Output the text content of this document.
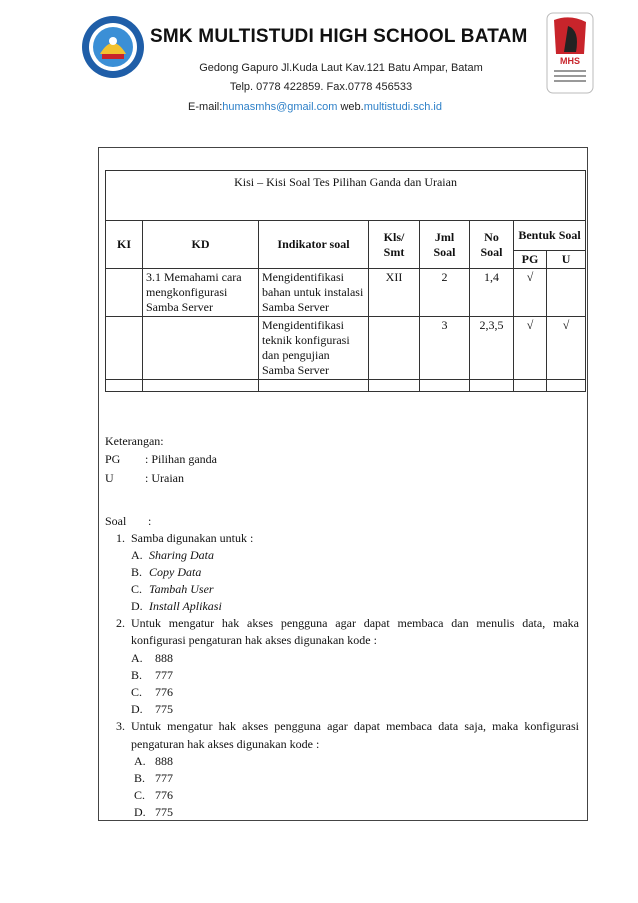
MHS
SMK MULTISTUDI HIGH SCHOOL BATAM
Gedong Gapuro Jl.Kuda Laut Kav.121 Batu Ampar, Batam
Telp. 0778 422859. Fax.0778 456533
E-mail:humasmhs@gmail.com web.multistudi.sch.id
Kisi – Kisi Soal Tes Pilihan Ganda dan Uraian							
KI	KD	Indikator soal	Kls/ Smt	Jml Soal	No Soal	Bentuk Soal	
						PG	U
	3.1 Memahami cara mengkonfigurasi Samba Server	Mengidentifikasi bahan untuk instalasi Samba Server	XII	2	1,4	√	
		Mengidentifikasi teknik konfigurasi dan pengujian Samba Server		3	2,3,5	√	√

Keterangan:
PG : Pilihan ganda
U	: Uraian
Soal :
1. Samba digunakan untuk :
A. Sharing Data
B. Copy Data
C. Tambah User
D. Install Aplikasi
2. Untuk mengatur hak akses pengguna agar dapat membaca dan menulis data, maka
konfigurasi pengaturan hak akses digunakan kode :
A. 888
B. 777
C. 776
D. 775
3. Untuk mengatur hak akses pengguna agar dapat membaca data saja, maka konfigurasi
pengaturan hak akses digunakan kode :
A. 888
B. 777
C. 776
D. 775
